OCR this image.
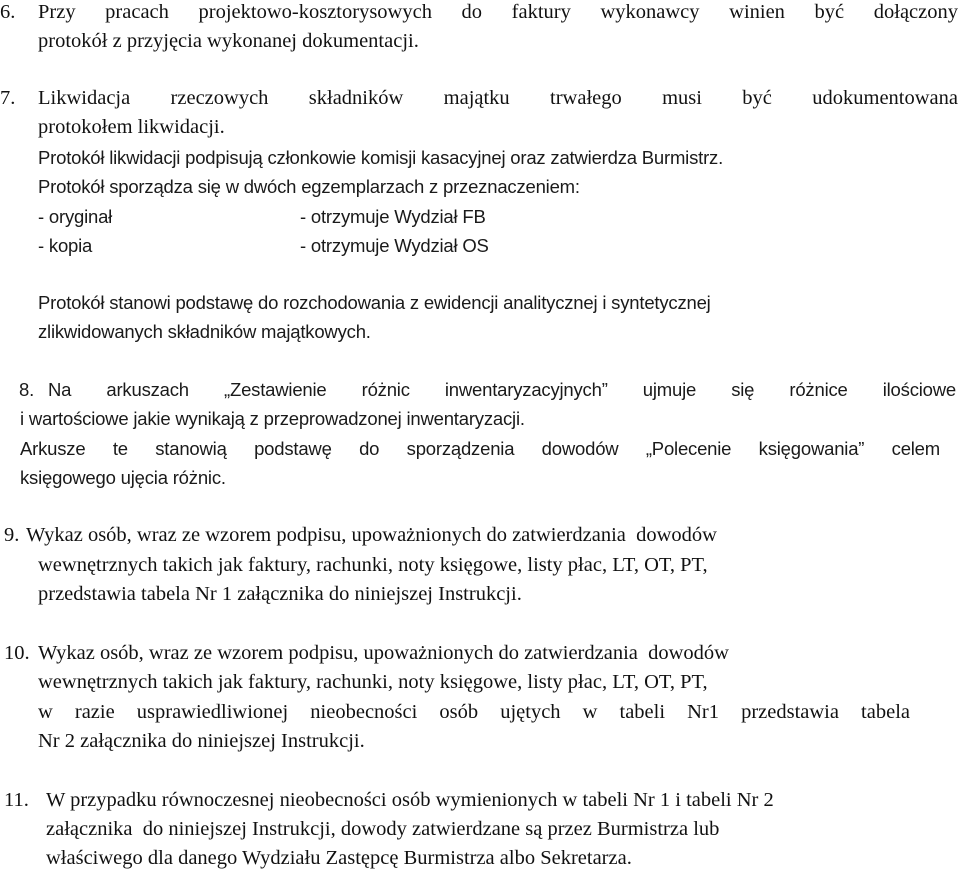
6. Przy pracach projektowo-kosztorysowych do faktury wykonawcy winien być dołączony
protokół z przyjęcia wykonanej dokumentacji.
7. Likwidacja rzeczowych składników majątku trwałego musi być udokumentowana
protokołem likwidacji.
Protokół likwidacji podpisują członkowie komisji kasacyjnej oraz zatwierdza Burmistrz.
Protokół sporządza się w dwóch egzemplarzach z przeznaczeniem:
- oryginał	- otrzymuje Wydział FB
- kopia	- otrzymuje Wydział OS
Protokół stanowi podstawę do rozchodowania z ewidencji analitycznej i syntetycznej
zlikwidowanych składników majątkowych.
8. Na arkuszach „Zestawienie różnic inwentaryzacyjnych” ujmuje się różnice ilościowe
i wartościowe jakie wynikają z przeprowadzonej inwentaryzacji.
Arkusze te stanowią podstawę do sporządzenia dowodów „Polecenie księgowania” celem
księgowego ujęcia różnic.
9. Wykaz osób, wraz ze wzorem podpisu, upoważnionych do zatwierdzania  dowodów
wewnętrznych takich jak faktury, rachunki, noty księgowe, listy płac, LT, OT, PT,
przedstawia tabela Nr 1 załącznika do niniejszej Instrukcji.
10. Wykaz osób, wraz ze wzorem podpisu, upoważnionych do zatwierdzania  dowodów
wewnętrznych takich jak faktury, rachunki, noty księgowe, listy płac, LT, OT, PT,
w razie usprawiedliwionej nieobecności osób ujętych w tabeli Nr1 przedstawia tabela
Nr 2 załącznika do niniejszej Instrukcji.
11. W przypadku równoczesnej nieobecności osób wymienionych w tabeli Nr 1 i tabeli Nr 2
załącznika  do niniejszej Instrukcji, dowody zatwierdzane są przez Burmistrza lub
właściwego dla danego Wydziału Zastępcę Burmistrza albo Sekretarza.
